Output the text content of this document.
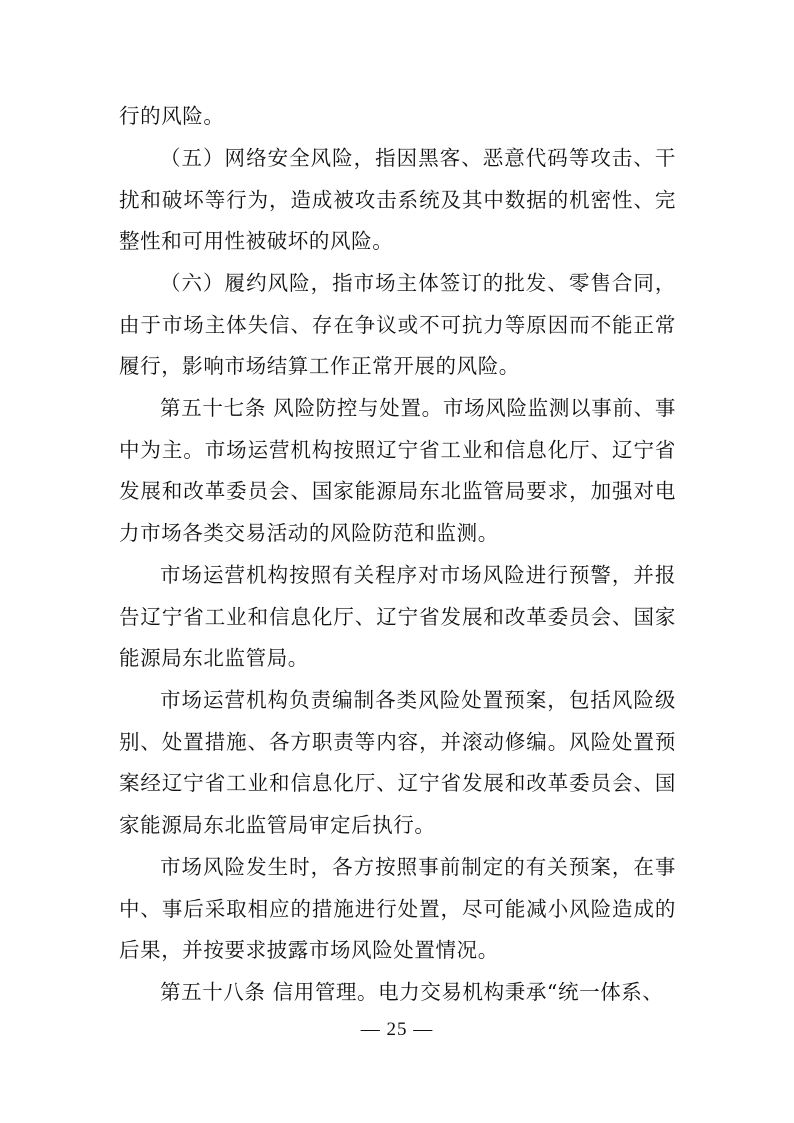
行的风险。

（五）网络安全风险，指因黑客、恶意代码等攻击、干扰和破坏等行为，造成被攻击系统及其中数据的机密性、完整性和可用性被破坏的风险。

（六）履约风险，指市场主体签订的批发、零售合同，由于市场主体失信、存在争议或不可抗力等原因而不能正常履行，影响市场结算工作正常开展的风险。

第五十七条 风险防控与处置。市场风险监测以事前、事中为主。市场运营机构按照辽宁省工业和信息化厅、辽宁省发展和改革委员会、国家能源局东北监管局要求，加强对电力市场各类交易活动的风险防范和监测。

市场运营机构按照有关程序对市场风险进行预警，并报告辽宁省工业和信息化厅、辽宁省发展和改革委员会、国家能源局东北监管局。

市场运营机构负责编制各类风险处置预案，包括风险级别、处置措施、各方职责等内容，并滚动修编。风险处置预案经辽宁省工业和信息化厅、辽宁省发展和改革委员会、国家能源局东北监管局审定后执行。

市场风险发生时，各方按照事前制定的有关预案，在事中、事后采取相应的措施进行处置，尽可能减小风险造成的后果，并按要求披露市场风险处置情况。

第五十八条 信用管理。电力交易机构秉承“统一体系、

— 25 —
